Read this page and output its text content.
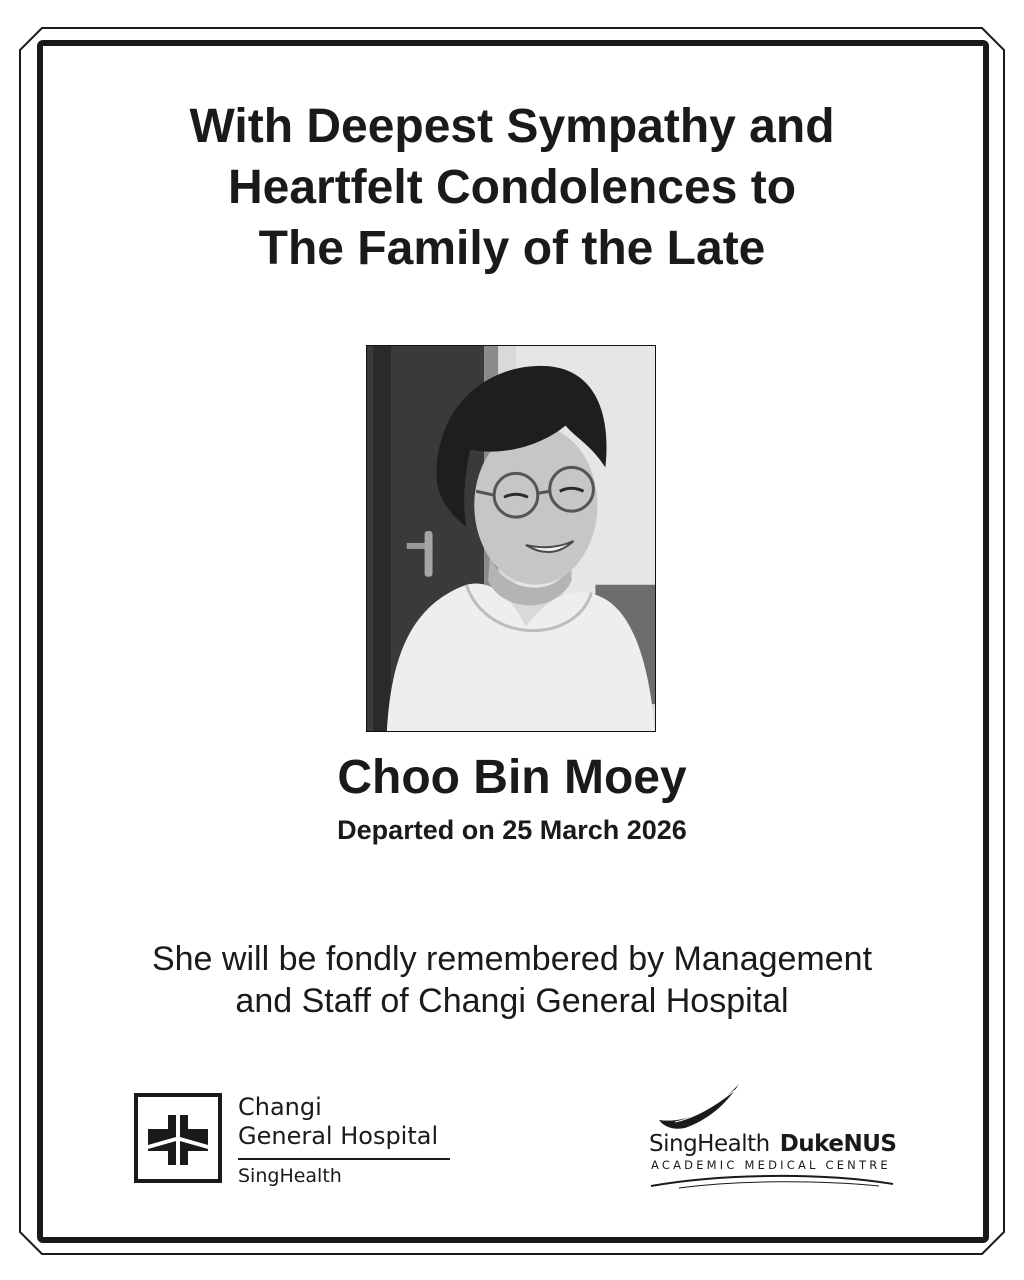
With Deepest Sympathy and
Heartfelt Condolences to
The Family of the Late
Choo Bin Moey

Departed on 25 March 2026

She will be fondly remembered by Management
and Staff of Changi General Hospital

Changi
General Hospital
SingHealth
SingHealth DukeNUS
ACADEMIC MEDICAL CENTRE
